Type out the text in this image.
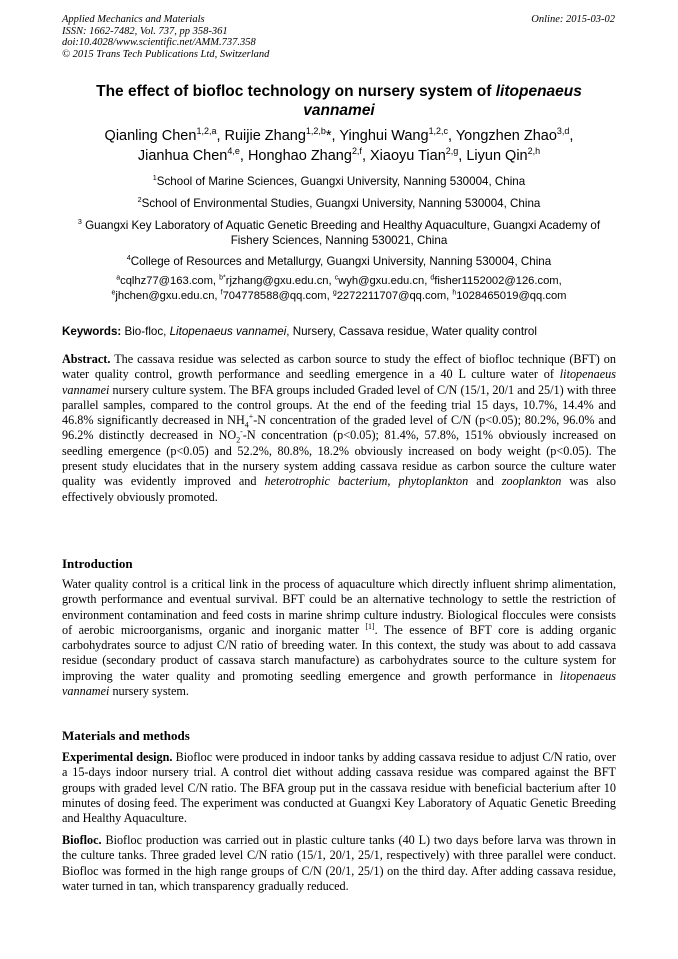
Applied Mechanics and Materials
ISSN: 1662-7482, Vol. 737, pp 358-361
doi:10.4028/www.scientific.net/AMM.737.358
© 2015 Trans Tech Publications Ltd, Switzerland
Online: 2015-03-02
The effect of biofloc technology on nursery system of litopenaeus vannamei
Qianling Chen$^{1,2,a}$, Ruijie Zhang$^{1,2,b}$*, Yinghui Wang$^{1,2,c}$, Yongzhen Zhao$^{3,d}$,
Jianhua Chen$^{4,e}$, Honghao Zhang$^{2,f}$, Xiaoyu Tian$^{2,g}$, Liyun Qin$^{2,h}$
$^1$School of Marine Sciences, Guangxi University, Nanning 530004, China
$^2$School of Environmental Studies, Guangxi University, Nanning 530004, China
$^3$ Guangxi Key Laboratory of Aquatic Genetic Breeding and Healthy Aquaculture, Guangxi Academy of Fishery Sciences, Nanning 530021, China
$^4$College of Resources and Metallurgy, Guangxi University, Nanning 530004, China
$^a$cqlhz77@163.com, $^{b*}$rjzhang@gxu.edu.cn, $^c$wyh@gxu.edu.cn, $^d$fisher1152002@126.com,
$^e$jhchen@gxu.edu.cn, $^f$704778588@qq.com, $^g$2272211707@qq.com, $^h$1028465019@qq.com
Keywords: Bio-floc, Litopenaeus vannamei, Nursery, Cassava residue, Water quality control
Abstract. The cassava residue was selected as carbon source to study the effect of biofloc technique (BFT) on water quality control, growth performance and seedling emergence in a 40 L culture water of litopenaeus vannamei nursery culture system. The BFA groups included Graded level of C/N (15/1, 20/1 and 25/1) with three parallel samples, compared to the control groups. At the end of the feeding trial 15 days, 10.7%, 14.4% and 46.8% significantly decreased in $NH_4^+-N$ concentration of the graded level of C/N (p<0.05); 80.2%, 96.0% and 96.2% distinctly decreased in $NO_2^--N$ concentration (p<0.05); 81.4%, 57.8%, 151% obviously increased on seedling emergence (p<0.05) and 52.2%, 80.8%, 18.2% obviously increased on body weight (p<0.05). The present study elucidates that in the nursery system adding cassava residue as carbon source the culture water quality was evidently improved and heterotrophic bacterium, phytoplankton and zooplankton was also effectively obviously promoted.
Introduction
Water quality control is a critical link in the process of aquaculture which directly influent shrimp alimentation, growth performance and eventual survival. BFT could be an alternative technology to settle the restriction of environment contamination and feed costs in marine shrimp culture industry. Biological floccules were consists of aerobic microorganisms, organic and inorganic matter [1]. The essence of BFT core is adding organic carbohydrates source to adjust C/N ratio of breeding water. In this context, the study was about to add cassava residue (secondary product of cassava starch manufacture) as carbohydrates source to the culture system for improving the water quality and promoting seedling emergence and growth performance in litopenaeus vannamei nursery system.
Materials and methods
Experimental design. Biofloc were produced in indoor tanks by adding cassava residue to adjust C/N ratio, over a 15-days indoor nursery trial. A control diet without adding cassava residue was compared against the BFT groups with graded level C/N ratio. The BFA group put in the cassava residue with beneficial bacterium after 10 minutes of dosing feed. The experiment was conducted at Guangxi Key Laboratory of Aquatic Genetic Breeding and Healthy Aquaculture.
Biofloc. Biofloc production was carried out in plastic culture tanks (40 L) two days before larva was thrown in the culture tanks. Three graded level C/N ratio (15/1, 20/1, 25/1, respectively) with three parallel were conduct. Biofloc was formed in the high range groups of C/N (20/1, 25/1) on the third day. After adding cassava residue, water turned in tan, which transparency gradually reduced.
